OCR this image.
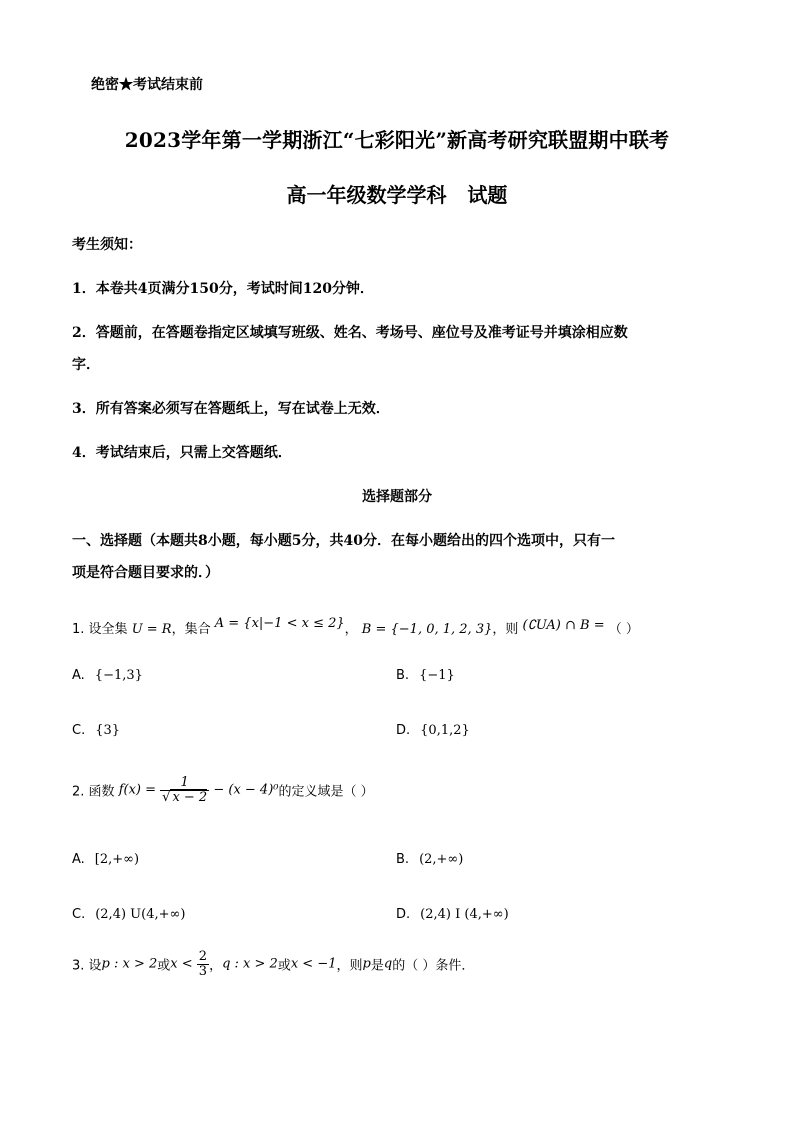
绝密★考试结束前
2023学年第一学期浙江“七彩阳光”新高考研究联盟期中联考
高一年级数学学科   试题
考生须知：
1．本卷共4页满分150分，考试时间120分钟．
2．答题前，在答题卷指定区域填写班级、姓名、考场号、座位号及准考证号并填涂相应数
字．
3．所有答案必须写在答题纸上，写在试卷上无效．
4．考试结束后，只需上交答题纸．
选择题部分
一、选择题（本题共8小题，每小题5分，共40分．在每小题给出的四个选项中，只有一
项是符合题目要求的．）
1. 设全集 U = R，集合 A = {x|−1 < x ≤ 2}， B = {−1, 0, 1, 2, 3}，则 (∁UA) ∩ B = （ ）
A. {−1,3}	B. {−1}
C. {3}	D. {0,1,2}
2. 函数 $f(x) = \frac{1}{√ x - 2} - (x - 4)^0$的定义域是（ ）
A. [2,+∞)	B. (2,+∞)
C. (2,4) U(4,+∞)	D. (2,4) I (4,+∞)
3. 设p : x > 2或$x < \frac{2}{3}$ ，q : x > 2或x < −1，则p是q的（ ）条件．
